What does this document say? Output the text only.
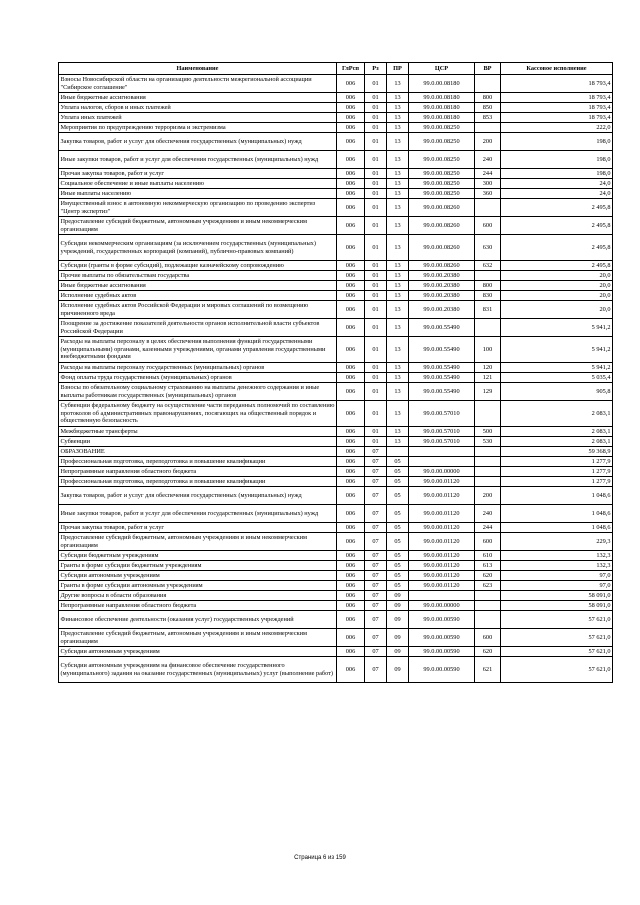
Наименование	ГлРсп	Рз	ПР	ЦСР	ВР	Кассовое исполнение
Взносы Новосибирской области на организацию деятельности межрегиональной ассоциации "Сибирское соглашение"	006	01	13	99.0.00.08180		18 793,4
Иные бюджетные ассигнования	006	01	13	99.0.00.08180	800	18 793,4
Уплата налогов, сборов и иных платежей	006	01	13	99.0.00.08180	850	18 793,4
Уплата иных платежей	006	01	13	99.0.00.08180	853	18 793,4
Мероприятия по предупреждению терроризма и экстремизма	006	01	13	99.0.00.08250		222,0
Закупка товаров, работ и услуг для обеспечения государственных (муниципальных) нужд	006	01	13	99.0.00.08250	200	198,0
Иные закупки товаров, работ и услуг для обеспечения государственных (муниципальных) нужд	006	01	13	99.0.00.08250	240	198,0
Прочая закупка товаров, работ и услуг	006	01	13	99.0.00.08250	244	198,0
Социальное обеспечение и иные выплаты населению	006	01	13	99.0.00.08250	300	24,0
Иные выплаты населению	006	01	13	99.0.00.08250	360	24,0
Имущественный взнос в автономную некоммерческую организацию по проведению экспертиз "Центр экспертиз"	006	01	13	99.0.00.08260		2 495,8
Предоставление субсидий бюджетным, автономным учреждениям и иным некоммерческим организациям	006	01	13	99.0.00.08260	600	2 495,8
Субсидии некоммерческим организациям (за исключением государственных (муниципальных) учреждений, государственных корпораций (компаний), публично-правовых компаний)	006	01	13	99.0.00.08260	630	2 495,8
Субсидии (гранты в форме субсидий), подлежащие казначейскому сопровождению	006	01	13	99.0.00.08260	632	2 495,8
Прочие выплаты по обязательствам государства	006	01	13	99.0.00.20380		20,0
Иные бюджетные ассигнования	006	01	13	99.0.00.20380	800	20,0
Исполнение судебных актов	006	01	13	99.0.00.20380	830	20,0
Исполнение судебных актов Российской Федерации и мировых соглашений по возмещению причиненного вреда	006	01	13	99.0.00.20380	831	20,0
Поощрение за достижение показателей деятельности органов исполнительной власти субъектов Российской Федерации	006	01	13	99.0.00.55490		5 941,2
Расходы на выплаты персоналу в целях обеспечения выполнения функций государственными (муниципальными) органами, казенными учреждениями, органами управления государственными внебюджетными фондами	006	01	13	99.0.00.55490	100	5 941,2
Расходы на выплаты персоналу государственных (муниципальных) органов	006	01	13	99.0.00.55490	120	5 941,2
Фонд оплаты труда государственных (муниципальных) органов	006	01	13	99.0.00.55490	121	5 035,4
Взносы по обязательному социальному страхованию на выплаты денежного содержания и иные выплаты работникам государственных (муниципальных) органов	006	01	13	99.0.00.55490	129	905,8
Субвенции федеральному бюджету на осуществление части переданных полномочий по составлению протоколов об административных правонарушениях, посягающих на общественный порядок и общественную безопасность	006	01	13	99.0.00.57010		2 083,1
Межбюджетные трансферты	006	01	13	99.0.00.57010	500	2 083,1
Субвенции	006	01	13	99.0.00.57010	530	2 083,1
ОБРАЗОВАНИЕ	006	07				59 368,9
Профессиональная подготовка, переподготовка и повышение квалификации	006	07	05			1 277,9
Непрограммные направления областного бюджета	006	07	05	99.0.00.00000		1 277,9
Профессиональная подготовка, переподготовка и повышение квалификации	006	07	05	99.0.00.01120		1 277,9
Закупка товаров, работ и услуг для обеспечения государственных (муниципальных) нужд	006	07	05	99.0.00.01120	200	1 048,6
Иные закупки товаров, работ и услуг для обеспечения государственных (муниципальных) нужд	006	07	05	99.0.00.01120	240	1 048,6
Прочая закупка товаров, работ и услуг	006	07	05	99.0.00.01120	244	1 048,6
Предоставление субсидий бюджетным, автономным учреждениям и иным некоммерческим организациям	006	07	05	99.0.00.01120	600	229,3
Субсидии бюджетным учреждениям	006	07	05	99.0.00.01120	610	132,3
Гранты в форме субсидии бюджетным учреждениям	006	07	05	99.0.00.01120	613	132,3
Субсидии автономным учреждениям	006	07	05	99.0.00.01120	620	97,0
Гранты в форме субсидии автономным учреждениям	006	07	05	99.0.00.01120	623	97,0
Другие вопросы в области образования	006	07	09			58 091,0
Непрограммные направления областного бюджета	006	07	09	99.0.00.00000		58 091,0
Финансовое обеспечение деятельности (оказания услуг) государственных учреждений	006	07	09	99.0.00.00590		57 621,0
Предоставление субсидий бюджетным, автономным учреждениям и иным некоммерческим организациям	006	07	09	99.0.00.00590	600	57 621,0
Субсидии автономным учреждениям	006	07	09	99.0.00.00590	620	57 621,0
Субсидии автономным учреждениям на финансовое обеспечение государственного (муниципального) задания на оказание государственных (муниципальных) услуг (выполнение работ)	006	07	09	99.0.00.00590	621	57 621,0
Страница 6 из 159
